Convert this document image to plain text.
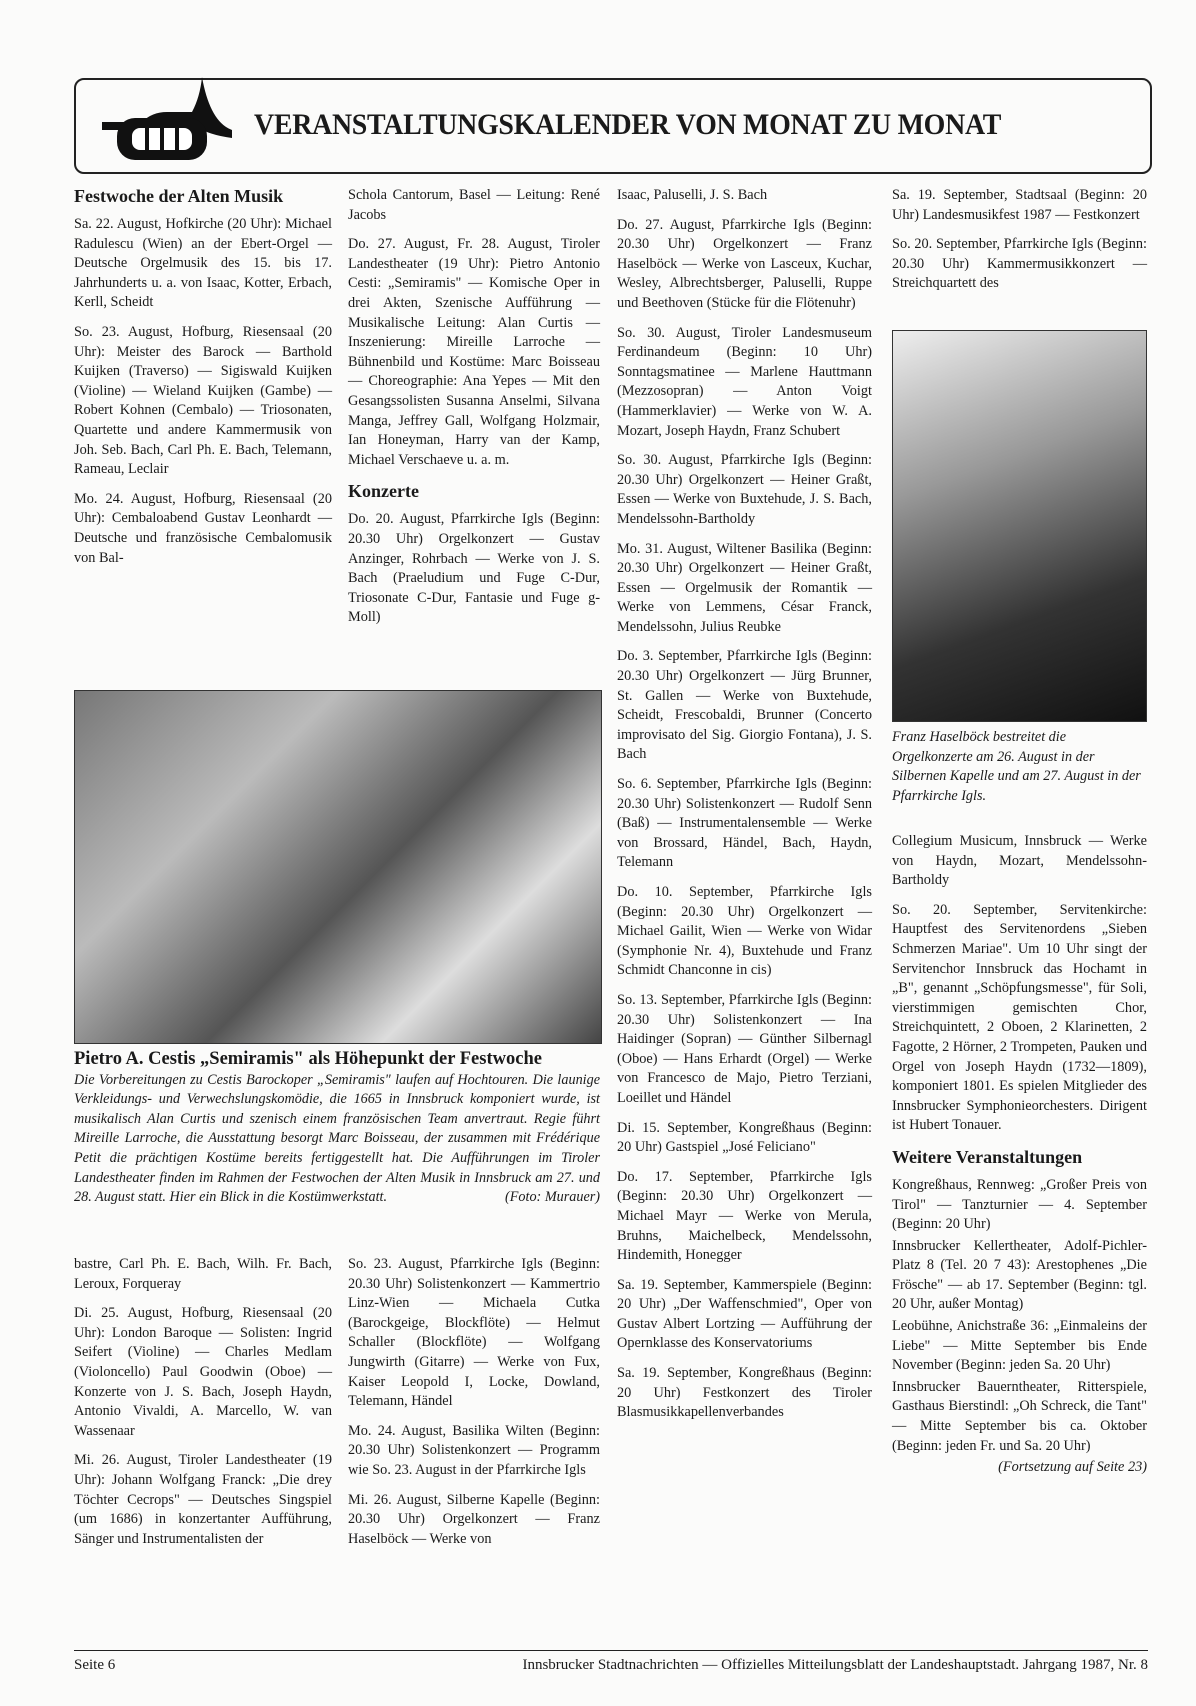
VERANSTALTUNGSKALENDER VON MONAT ZU MONAT
Festwoche der Alten Musik

Sa. 22. August, Hofkirche (20 Uhr): Michael Radulescu (Wien) an der Ebert-Orgel — Deutsche Orgelmusik des 15. bis 17. Jahrhunderts u. a. von Isaac, Kotter, Erbach, Kerll, Scheidt

So. 23. August, Hofburg, Riesensaal (20 Uhr): Meister des Barock — Barthold Kuijken (Traverso) — Sigiswald Kuijken (Violine) — Wieland Kuijken (Gambe) — Robert Kohnen (Cembalo) — Triosonaten, Quartette und andere Kammermusik von Joh. Seb. Bach, Carl Ph. E. Bach, Telemann, Rameau, Leclair

Mo. 24. August, Hofburg, Riesensaal (20 Uhr): Cembaloabend Gustav Leonhardt — Deutsche und französische Cembalomusik von Bal-

Schola Cantorum, Basel — Leitung: René Jacobs

Do. 27. August, Fr. 28. August, Tiroler Landestheater (19 Uhr): Pietro Antonio Cesti: „Semiramis" — Komische Oper in drei Akten, Szenische Aufführung — Musikalische Leitung: Alan Curtis — Inszenierung: Mireille Larroche — Bühnenbild und Kostüme: Marc Boisseau — Choreographie: Ana Yepes — Mit den Gesangssolisten Susanna Anselmi, Silvana Manga, Jeffrey Gall, Wolfgang Holzmair, Ian Honeyman, Harry van der Kamp, Michael Verschaeve u. a. m.

Konzerte

Do. 20. August, Pfarrkirche Igls (Beginn: 20.30 Uhr) Orgelkonzert — Gustav Anzinger, Rohrbach — Werke von J. S. Bach (Praeludium und Fuge C-Dur, Triosonate C-Dur, Fantasie und Fuge g-Moll)

Pietro A. Cestis „Semiramis" als Höhepunkt der Festwoche
Die Vorbereitungen zu Cestis Barockoper „Semiramis" laufen auf Hochtouren. Die launige Verkleidungs- und Verwechslungskomödie, die 1665 in Innsbruck komponiert wurde, ist musikalisch Alan Curtis und szenisch einem französischen Team anvertraut. Regie führt Mireille Larroche, die Ausstattung besorgt Marc Boisseau, der zusammen mit Frédérique Petit die prächtigen Kostüme bereits fertiggestellt hat. Die Aufführungen im Tiroler Landestheater finden im Rahmen der Festwochen der Alten Musik in Innsbruck am 27. und 28. August statt. Hier ein Blick in die Kostümwerkstatt.	(Foto: Murauer)

bastre, Carl Ph. E. Bach, Wilh. Fr. Bach, Leroux, Forqueray

Di. 25. August, Hofburg, Riesensaal (20 Uhr): London Baroque — Solisten: Ingrid Seifert (Violine) — Charles Medlam (Violoncello) Paul Goodwin (Oboe) — Konzerte von J. S. Bach, Joseph Haydn, Antonio Vivaldi, A. Marcello, W. van Wassenaar

Mi. 26. August, Tiroler Landestheater (19 Uhr): Johann Wolfgang Franck: „Die drey Töchter Cecrops" — Deutsches Singspiel (um 1686) in konzertanter Aufführung, Sänger und Instrumentalisten der

So. 23. August, Pfarrkirche Igls (Beginn: 20.30 Uhr) Solistenkonzert — Kammertrio Linz-Wien — Michaela Cutka (Barockgeige, Blockflöte) — Helmut Schaller (Blockflöte) — Wolfgang Jungwirth (Gitarre) — Werke von Fux, Kaiser Leopold I, Locke, Dowland, Telemann, Händel

Mo. 24. August, Basilika Wilten (Beginn: 20.30 Uhr) Solistenkonzert — Programm wie So. 23. August in der Pfarrkirche Igls

Mi. 26. August, Silberne Kapelle (Beginn: 20.30 Uhr) Orgelkonzert — Franz Haselböck — Werke von

Isaac, Paluselli, J. S. Bach

Do. 27. August, Pfarrkirche Igls (Beginn: 20.30 Uhr) Orgelkonzert — Franz Haselböck — Werke von Lasceux, Kuchar, Wesley, Albrechtsberger, Paluselli, Ruppe und Beethoven (Stücke für die Flötenuhr)

So. 30. August, Tiroler Landesmuseum Ferdinandeum (Beginn: 10 Uhr) Sonntagsmatinee — Marlene Hauttmann (Mezzosopran) — Anton Voigt (Hammerklavier) — Werke von W. A. Mozart, Joseph Haydn, Franz Schubert

So. 30. August, Pfarrkirche Igls (Beginn: 20.30 Uhr) Orgelkonzert — Heiner Graßt, Essen — Werke von Buxtehude, J. S. Bach, Mendelssohn-Bartholdy

Mo. 31. August, Wiltener Basilika (Beginn: 20.30 Uhr) Orgelkonzert — Heiner Graßt, Essen — Orgelmusik der Romantik — Werke von Lemmens, César Franck, Mendelssohn, Julius Reubke

Do. 3. September, Pfarrkirche Igls (Beginn: 20.30 Uhr) Orgelkonzert — Jürg Brunner, St. Gallen — Werke von Buxtehude, Scheidt, Frescobaldi, Brunner (Concerto improvisato del Sig. Giorgio Fontana), J. S. Bach

So. 6. September, Pfarrkirche Igls (Beginn: 20.30 Uhr) Solistenkonzert — Rudolf Senn (Baß) — Instrumentalensemble — Werke von Brossard, Händel, Bach, Haydn, Telemann

Do. 10. September, Pfarrkirche Igls (Beginn: 20.30 Uhr) Orgelkonzert — Michael Gailit, Wien — Werke von Widar (Symphonie Nr. 4), Buxtehude und Franz Schmidt Chanconne in cis)

So. 13. September, Pfarrkirche Igls (Beginn: 20.30 Uhr) Solistenkonzert — Ina Haidinger (Sopran) — Günther Silbernagl (Oboe) — Hans Erhardt (Orgel) — Werke von Francesco de Majo, Pietro Terziani, Loeillet und Händel

Di. 15. September, Kongreßhaus (Beginn: 20 Uhr) Gastspiel „José Feliciano"

Do. 17. September, Pfarrkirche Igls (Beginn: 20.30 Uhr) Orgelkonzert — Michael Mayr — Werke von Merula, Bruhns, Maichelbeck, Mendelssohn, Hindemith, Honegger

Sa. 19. September, Kammerspiele (Beginn: 20 Uhr) „Der Waffenschmied", Oper von Gustav Albert Lortzing — Aufführung der Opernklasse des Konservatoriums

Sa. 19. September, Kongreßhaus (Beginn: 20 Uhr) Festkonzert des Tiroler Blasmusikkapellenverbandes

Sa. 19. September, Stadtsaal (Beginn: 20 Uhr) Landesmusikfest 1987 — Festkonzert

So. 20. September, Pfarrkirche Igls (Beginn: 20.30 Uhr) Kammermusikkonzert — Streichquartett des

Franz Haselböck bestreitet die Orgelkonzerte am 26. August in der Silbernen Kapelle und am 27. August in der Pfarrkirche Igls.

Collegium Musicum, Innsbruck — Werke von Haydn, Mozart, Mendelssohn-Bartholdy

So. 20. September, Servitenkirche: Hauptfest des Servitenordens „Sieben Schmerzen Mariae". Um 10 Uhr singt der Servitenchor Innsbruck das Hochamt in „B", genannt „Schöpfungsmesse", für Soli, vierstimmigen gemischten Chor, Streichquintett, 2 Oboen, 2 Klarinetten, 2 Fagotte, 2 Hörner, 2 Trompeten, Pauken und Orgel von Joseph Haydn (1732—1809), komponiert 1801. Es spielen Mitglieder des Innsbrucker Symphonieorchesters. Dirigent ist Hubert Tonauer.

Weitere Veranstaltungen

Kongreßhaus, Rennweg: „Großer Preis von Tirol" — Tanzturnier — 4. September (Beginn: 20 Uhr)

Innsbrucker Kellertheater, Adolf-Pichler-Platz 8 (Tel. 20 7 43): Arestophenes „Die Frösche" — ab 17. September (Beginn: tgl. 20 Uhr, außer Montag)

Leobühne, Anichstraße 36: „Einmaleins der Liebe" — Mitte September bis Ende November (Beginn: jeden Sa. 20 Uhr)

Innsbrucker Bauerntheater, Ritterspiele, Gasthaus Bierstindl: „Oh Schreck, die Tant" — Mitte September bis ca. Oktober (Beginn: jeden Fr. und Sa. 20 Uhr)

(Fortsetzung auf Seite 23)

Seite 6	Innsbrucker Stadtnachrichten — Offizielles Mitteilungsblatt der Landeshauptstadt. Jahrgang 1987, Nr. 8
